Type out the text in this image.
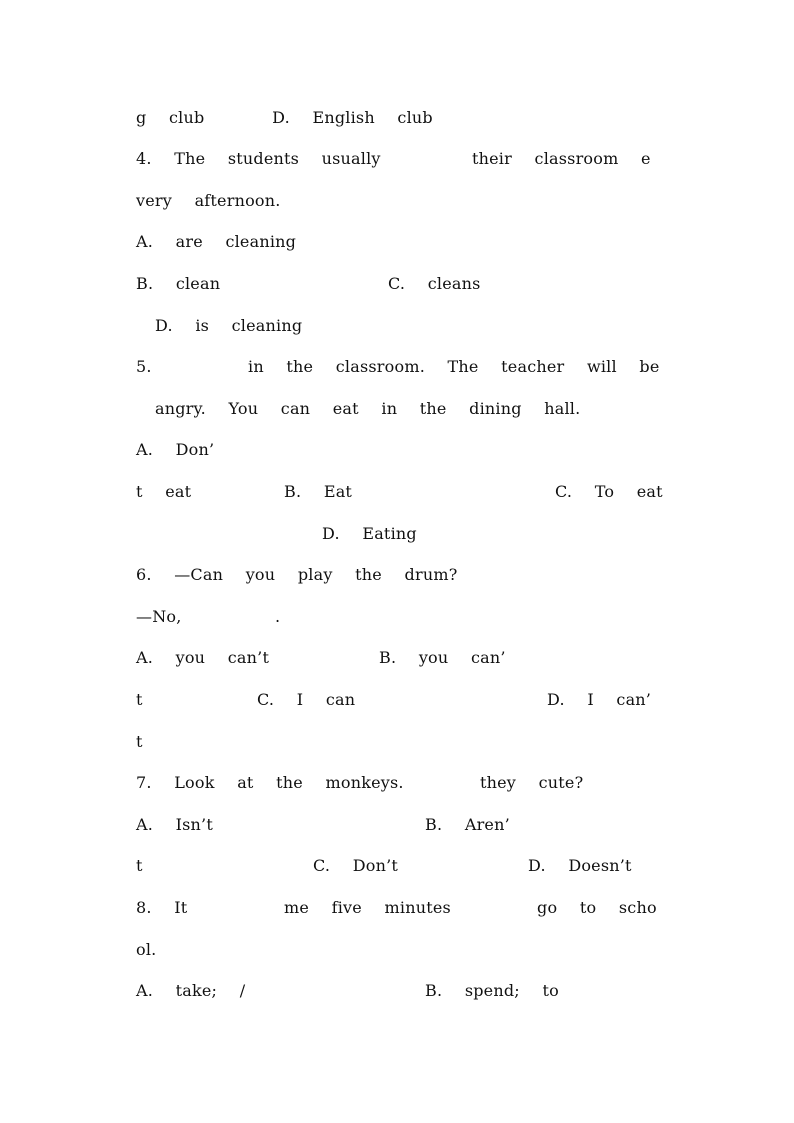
g  club      D.  English  club
4.  The  students  usually	their  classroom  e
very  afternoon.
A.  are  cleaning
B.  clean	C.  cleans
D.  is  cleaning
5.	in  the  classroom.  The  teacher  will  be
angry.  You  can  eat  in  the  dining  hall.
A.  Don’
t  eat	B.  Eat	C.  To  eat
D.  Eating
6.  —Can  you  play  the  drum?
—No,	.
A.  you  can’t	B.  you  can’
t	C.  I  can	D.  I  can’
t
7.  Look  at  the  monkeys.	they  cute?
A.  Isn’t	B.  Aren’
t	C.  Don’t	D.  Doesn’t
8.  It	me  five  minutes	go  to  scho
ol.
A.  take;  /	B.  spend;  to
